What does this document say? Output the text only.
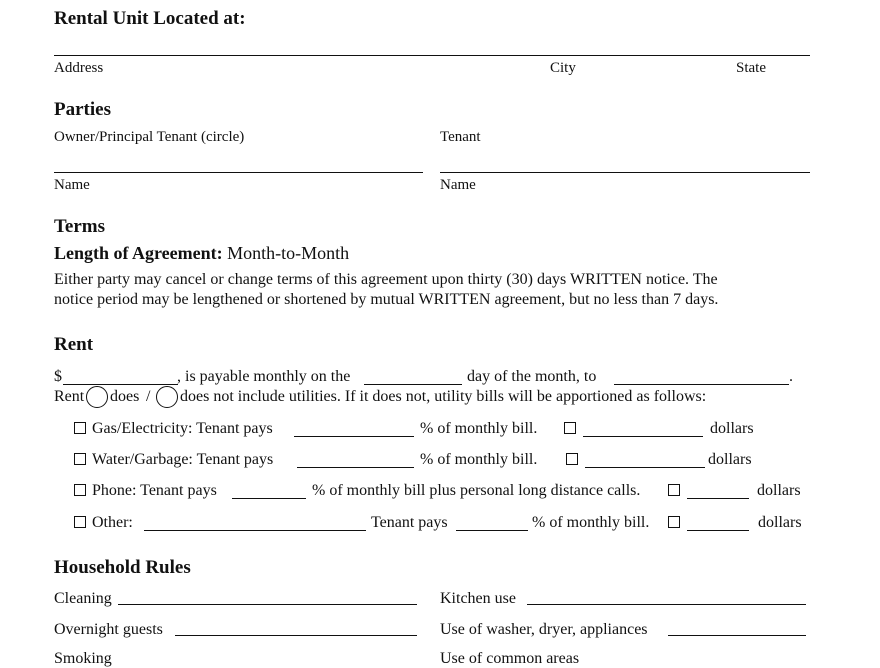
Rental Unit Located at:
Address	City	State
Parties
Owner/Principal Tenant (circle)	Tenant
Name	Name
Terms
Length of Agreement: Month-to-Month
Either party may cancel or change terms of this agreement upon thirty (30) days WRITTEN notice. The
notice period may be lengthened or shortened by mutual WRITTEN agreement, but no less than 7 days.
Rent
$	, is payable monthly on the	day of the month, to	.
Rent does / does not include utilities. If it does not, utility bills will be apportioned as follows:
Gas/Electricity: Tenant pays	% of monthly bill.	dollars
Water/Garbage: Tenant pays	% of monthly bill.	dollars
Phone: Tenant pays	% of monthly bill plus personal long distance calls.	dollars
Other:	Tenant pays	% of monthly bill.	dollars
Household Rules
Cleaning	Kitchen use
Overnight guests	Use of washer, dryer, appliances
Smoking	Use of common areas
